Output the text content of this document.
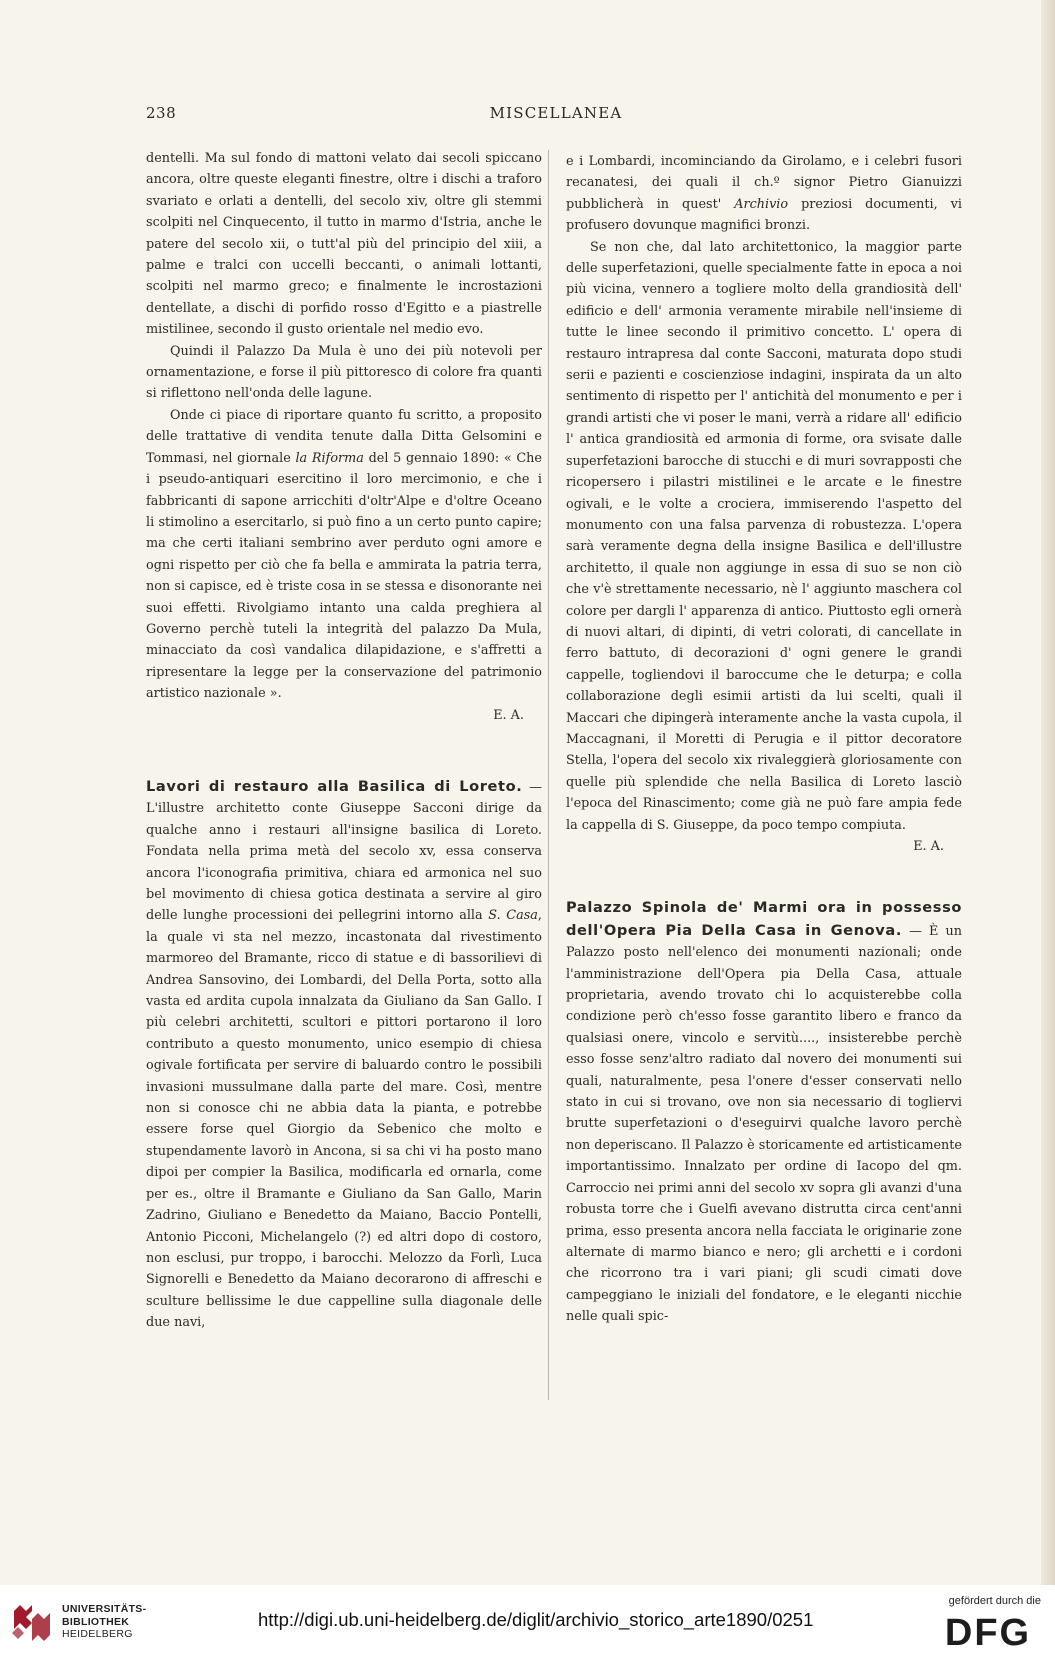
238	MISCELLANEA

dentelli. Ma sul fondo di mattoni velato dai secoli spiccano ancora, oltre queste eleganti finestre, oltre i dischi a traforo svariato e orlati a dentelli, del secolo xiv, oltre gli stemmi scolpiti nel Cinquecento, il tutto in marmo d'Istria, anche le patere del secolo xii, o tutt'al più del principio del xiii, a palme e tralci con uccelli beccanti, o animali lottanti, scolpiti nel marmo greco; e finalmente le incrostazioni dentellate, a dischi di porfido rosso d'Egitto e a piastrelle mistilinee, secondo il gusto orientale nel medio evo.

Quindi il Palazzo Da Mula è uno dei più notevoli per ornamentazione, e forse il più pittoresco di colore fra quanti si riflettono nell'onda delle lagune.

Onde ci piace di riportare quanto fu scritto, a proposito delle trattative di vendita tenute dalla Ditta Gelsomini e Tommasi, nel giornale la Riforma del 5 gennaio 1890: « Che i pseudo-antiquari esercitino il loro mercimonio, e che i fabbricanti di sapone arricchiti d'oltr'Alpe e d'oltre Oceano li stimolino a esercitarlo, si può fino a un certo punto capire; ma che certi italiani sembrino aver perduto ogni amore e ogni rispetto per ciò che fa bella e ammirata la patria terra, non si capisce, ed è triste cosa in se stessa e disonorante nei suoi effetti. Rivolgiamo intanto una calda preghiera al Governo perchè tuteli la integrità del palazzo Da Mula, minacciato da così vandalica dilapidazione, e s'affretti a ripresentare la legge per la conservazione del patrimonio artistico nazionale ».

E. A.

Lavori di restauro alla Basilica di Loreto. — L'illustre architetto conte Giuseppe Sacconi dirige da qualche anno i restauri all'insigne basilica di Loreto. Fondata nella prima metà del secolo xv, essa conserva ancora l'iconografia primitiva, chiara ed armonica nel suo bel movimento di chiesa gotica destinata a servire al giro delle lunghe processioni dei pellegrini intorno alla S. Casa, la quale vi sta nel mezzo, incastonata dal rivestimento marmoreo del Bramante, ricco di statue e di bassorilievi di Andrea Sansovino, dei Lombardi, del Della Porta, sotto alla vasta ed ardita cupola innalzata da Giuliano da San Gallo. I più celebri architetti, scultori e pittori portarono il loro contributo a questo monumento, unico esempio di chiesa ogivale fortificata per servire di baluardo contro le possibili invasioni mussulmane dalla parte del mare. Così, mentre non si conosce chi ne abbia data la pianta, e potrebbe essere forse quel Giorgio da Sebenico che molto e stupendamente lavorò in Ancona, si sa chi vi ha posto mano dipoi per compier la Basilica, modificarla ed ornarla, come per es., oltre il Bramante e Giuliano da San Gallo, Marin Zadrino, Giuliano e Benedetto da Maiano, Baccio Pontelli, Antonio Picconi, Michelangelo (?) ed altri dopo di costoro, non esclusi, pur troppo, i barocchi. Melozzo da Forlì, Luca Signorelli e Benedetto da Maiano decorarono di affreschi e sculture bellissime le due cappelline sulla diagonale delle due navi,

e i Lombardi, incominciando da Girolamo, e i celebri fusori recanatesi, dei quali il ch.º signor Pietro Gianuizzi pubblicherà in quest' Archivio preziosi documenti, vi profusero dovunque magnifici bronzi.

Se non che, dal lato architettonico, la maggior parte delle superfetazioni, quelle specialmente fatte in epoca a noi più vicina, vennero a togliere molto della grandiosità dell' edificio e dell' armonia veramente mirabile nell'insieme di tutte le linee secondo il primitivo concetto. L' opera di restauro intrapresa dal conte Sacconi, maturata dopo studi serii e pazienti e coscienziose indagini, inspirata da un alto sentimento di rispetto per l' antichità del monumento e per i grandi artisti che vi poser le mani, verrà a ridare all' edificio l' antica grandiosità ed armonia di forme, ora svisate dalle superfetazioni barocche di stucchi e di muri sovrapposti che ricopersero i pilastri mistilinei e le arcate e le finestre ogivali, e le volte a crociera, immiserendo l'aspetto del monumento con una falsa parvenza di robustezza. L'opera sarà veramente degna della insigne Basilica e dell'illustre architetto, il quale non aggiunge in essa di suo se non ciò che v'è strettamente necessario, nè l' aggiunto maschera col colore per dargli l' apparenza di antico. Piuttosto egli ornerà di nuovi altari, di dipinti, di vetri colorati, di cancellate in ferro battuto, di decorazioni d' ogni genere le grandi cappelle, togliendovi il baroccume che le deturpa; e colla collaborazione degli esimii artisti da lui scelti, quali il Maccari che dipingerà interamente anche la vasta cupola, il Maccagnani, il Moretti di Perugia e il pittor decoratore Stella, l'opera del secolo xix rivaleggierà gloriosamente con quelle più splendide che nella Basilica di Loreto lasciò l'epoca del Rinascimento; come già ne può fare ampia fede la cappella di S. Giuseppe, da poco tempo compiuta.

E. A.

Palazzo Spinola de' Marmi ora in possesso dell'Opera Pia Della Casa in Genova. — È un Palazzo posto nell'elenco dei monumenti nazionali; onde l'amministrazione dell'Opera pia Della Casa, attuale proprietaria, avendo trovato chi lo acquisterebbe colla condizione però ch'esso fosse garantito libero e franco da qualsiasi onere, vincolo e servitù...., insisterebbe perchè esso fosse senz'altro radiato dal novero dei monumenti sui quali, naturalmente, pesa l'onere d'esser conservati nello stato in cui si trovano, ove non sia necessario di togliervi brutte superfetazioni o d'eseguirvi qualche lavoro perchè non deperiscano. Il Palazzo è storicamente ed artisticamente importantissimo. Innalzato per ordine di Iacopo del qm. Carroccio nei primi anni del secolo xv sopra gli avanzi d'una robusta torre che i Guelfi avevano distrutta circa cent'anni prima, esso presenta ancora nella facciata le originarie zone alternate di marmo bianco e nero; gli archetti e i cordoni che ricorrono tra i vari piani; gli scudi cimati dove campeggiano le iniziali del fondatore, e le eleganti nicchie nelle quali spic-

UNIVERSITÄTS-
BIBLIOTHEK
HEIDELBERG
http://digi.ub.uni-heidelberg.de/diglit/archivio_storico_arte1890/0251
gefördert durch die
DFG
